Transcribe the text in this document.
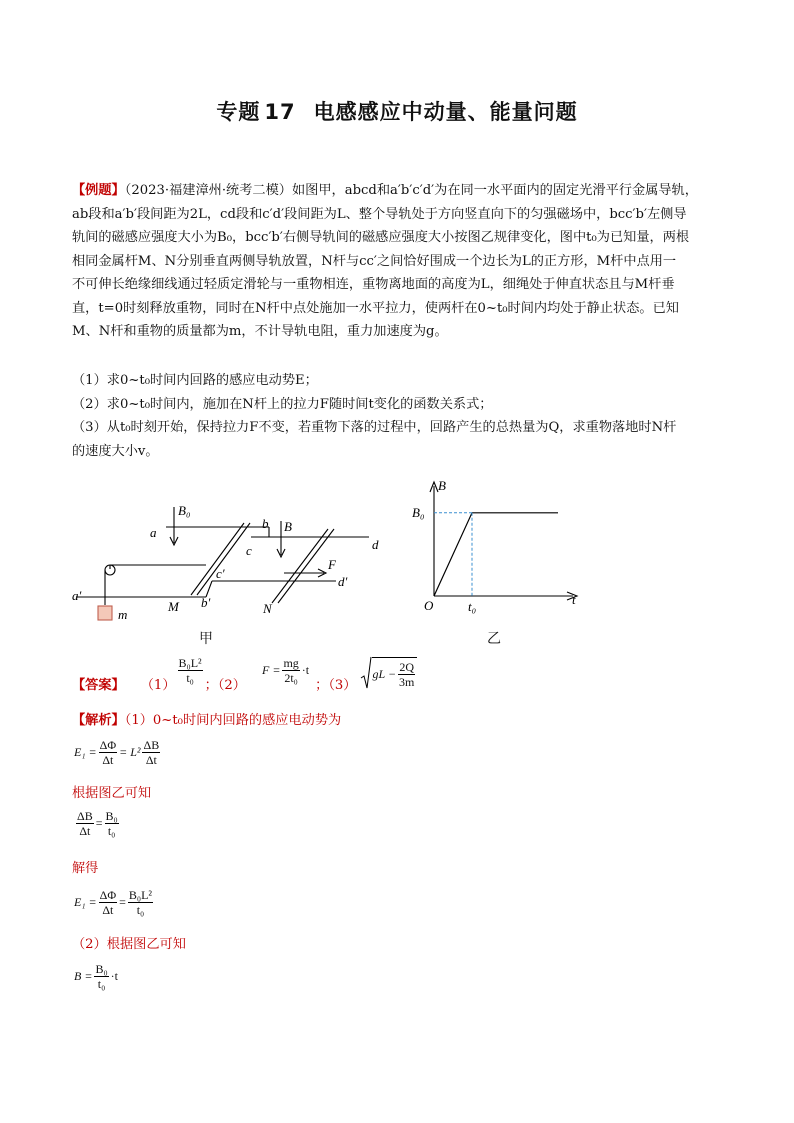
专题 17 电感感应中动量、能量问题
【例题】（2023·福建漳州·统考二模）如图甲，abcd和a′b′c′d′为在同一水平面内的固定光滑平行金属导轨，
ab段和a′b′段间距为2L，cd段和c′d′段间距为L、整个导轨处于方向竖直向下的匀强磁场中，bcc′b′左侧导
轨间的磁感应强度大小为B₀，bcc′b′右侧导轨间的磁感应强度大小按图乙规律变化，图中t₀为已知量，两根
相同金属杆M、N分别垂直两侧导轨放置，N杆与cc′之间恰好围成一个边长为L的正方形，M杆中点用一
不可伸长绝缘细线通过轻质定滑轮与一重物相连，重物离地面的高度为L，细绳处于伸直状态且与M杆垂
直，t=0时刻释放重物，同时在N杆中点处施加一水平拉力，使两杆在0~t₀时间内均处于静止状态。已知
M、N杆和重物的质量都为m，不计导轨电阻，重力加速度为g。
（1）求0~t₀时间内回路的感应电动势E；
（2）求0~t₀时间内，施加在N杆上的拉力F随时间t变化的函数关系式；
（3）从t₀时刻开始，保持拉力F不变，若重物下落的过程中，回路产生的总热量为Q，求重物落地时N杆
的速度大小v。
B₀
B
a
b
c	d
a′	b′
c′
d′
M	N
F
m
甲
B
t
O
B₀
t₀
乙
【答案】 （1）
$\frac{\text{B₀L²}}{\text{t₀}}$
；（2）
$F = \frac{mg}{\text{2t₀}} \cdot t$
；（3）
gL − $\frac{2Q}{3m}$
【解析】（1）0~t₀时间内回路的感应电动势为
$E_1 = \frac{\Delta\Phi}{\Delta t} = L^2 \frac{\Delta B}{\Delta t}$
根据图乙可知
$\frac{\Delta B}{\Delta t} = \frac{\text{B₀}}{\text{t₀}}$
解得
$E_1 = \frac{\Delta\Phi}{\Delta t} = \frac{\text{B₀L²}}{\text{t₀}}$
（2）根据图乙可知
$B = \frac{\text{B₀}}{\text{t₀}} \cdot t$
